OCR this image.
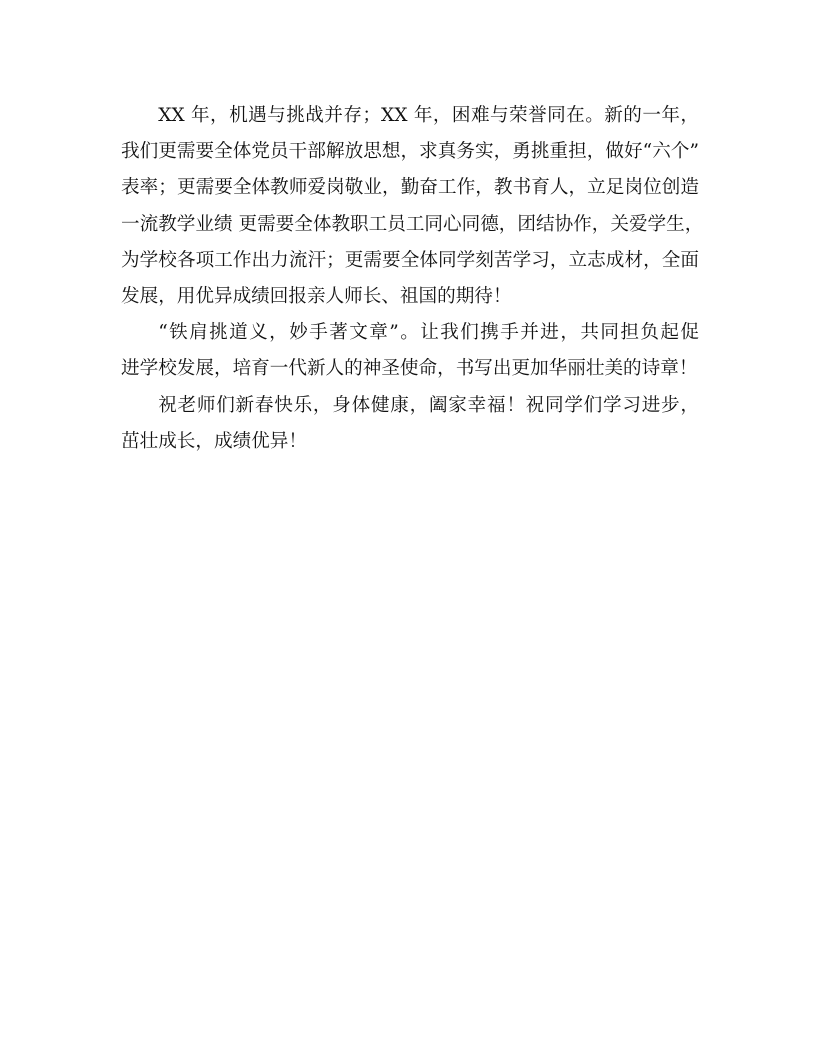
XX 年，机遇与挑战并存；XX 年，困难与荣誉同在。新的一年，
我们更需要全体党员干部解放思想，求真务实，勇挑重担，做好“六个”
表率；更需要全体教师爱岗敬业，勤奋工作，教书育人，立足岗位创造
一流教学业绩 更需要全体教职工员工同心同德，团结协作，关爱学生，
为学校各项工作出力流汗；更需要全体同学刻苦学习，立志成材，全面
发展，用优异成绩回报亲人师长、祖国的期待！
“铁肩挑道义，妙手著文章”。让我们携手并进，共同担负起促
进学校发展，培育一代新人的神圣使命，书写出更加华丽壮美的诗章！
祝老师们新春快乐，身体健康，阖家幸福！祝同学们学习进步，
茁壮成长，成绩优异！
